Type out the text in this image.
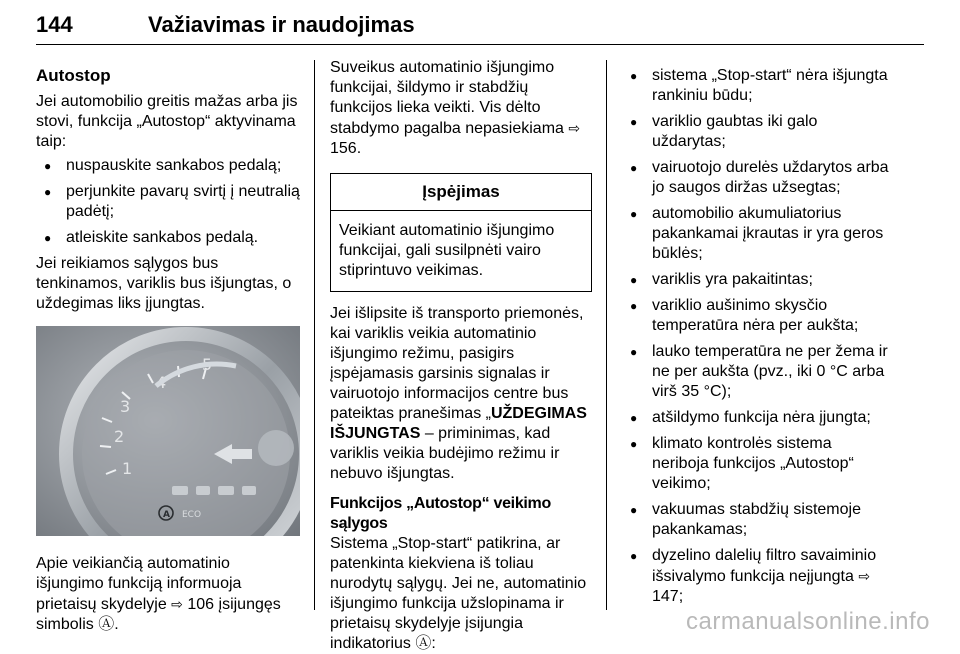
144	Važiavimas ir naudojimas
Autostop

Jei automobilio greitis mažas arba jis stovi, funkcija „Autostop“ aktyvinama taip:

● nuspauskite sankabos pedalą;
● perjunkite pavarų svirtį į neutralią padėtį;
● atleiskite sankabos pedalą.

Jei reikiamos sąlygos bus tenkinamos, variklis bus išjungtas, o uždegimas liks įjungtas.

3
2
1
4
5
A ECO

Apie veikiančią automatinio išjungimo funkciją informuoja prietaisų skydelyje ⇨ 106 įsijungęs simbolis Ⓐ.

Suveikus automatinio išjungimo funkcijai, šildymo ir stabdžių funkcijos lieka veikti. Vis dėlto stabdymo pagalba nepasiekiama ⇨ 156.

Įspėjimas
Veikiant automatinio išjungimo funkcijai, gali susilpnėti vairo stiprintuvo veikimas.

Jei išlipsite iš transporto priemonės, kai variklis veikia automatinio išjungimo režimu, pasigirs įspėjamasis garsinis signalas ir vairuotojo informacijos centre bus pateiktas pranešimas „UŽDEGIMAS IŠJUNGTAS – priminimas, kad variklis veikia budėjimo režimu ir nebuvo išjungtas.

Funkcijos „Autostop“ veikimo sąlygos

Sistema „Stop-start“ patikrina, ar patenkinta kiekviena iš toliau nurodytų sąlygų. Jei ne, automatinio išjungimo funkcija užslopinama ir prietaisų skydelyje įsijungia indikatorius Ⓐ:

● sistema „Stop-start“ nėra išjungta rankiniu būdu;
● variklio gaubtas iki galo uždarytas;
● vairuotojo durelės uždarytos arba jo saugos diržas užsegtas;
● automobilio akumuliatorius pakankamai įkrautas ir yra geros būklės;
● variklis yra pakaitintas;
● variklio aušinimo skysčio temperatūra nėra per aukšta;
● lauko temperatūra ne per žema ir ne per aukšta (pvz., iki 0 °C arba virš 35 °C);
● atšildymo funkcija nėra įjungta;
● klimato kontrolės sistema neriboja funkcijos „Autostop“ veikimo;
● vakuumas stabdžių sistemoje pakankamas;
● dyzelino dalelių filtro savaiminio išsivalymo funkcija neįjungta ⇨ 147;
carmanualsonline.info
